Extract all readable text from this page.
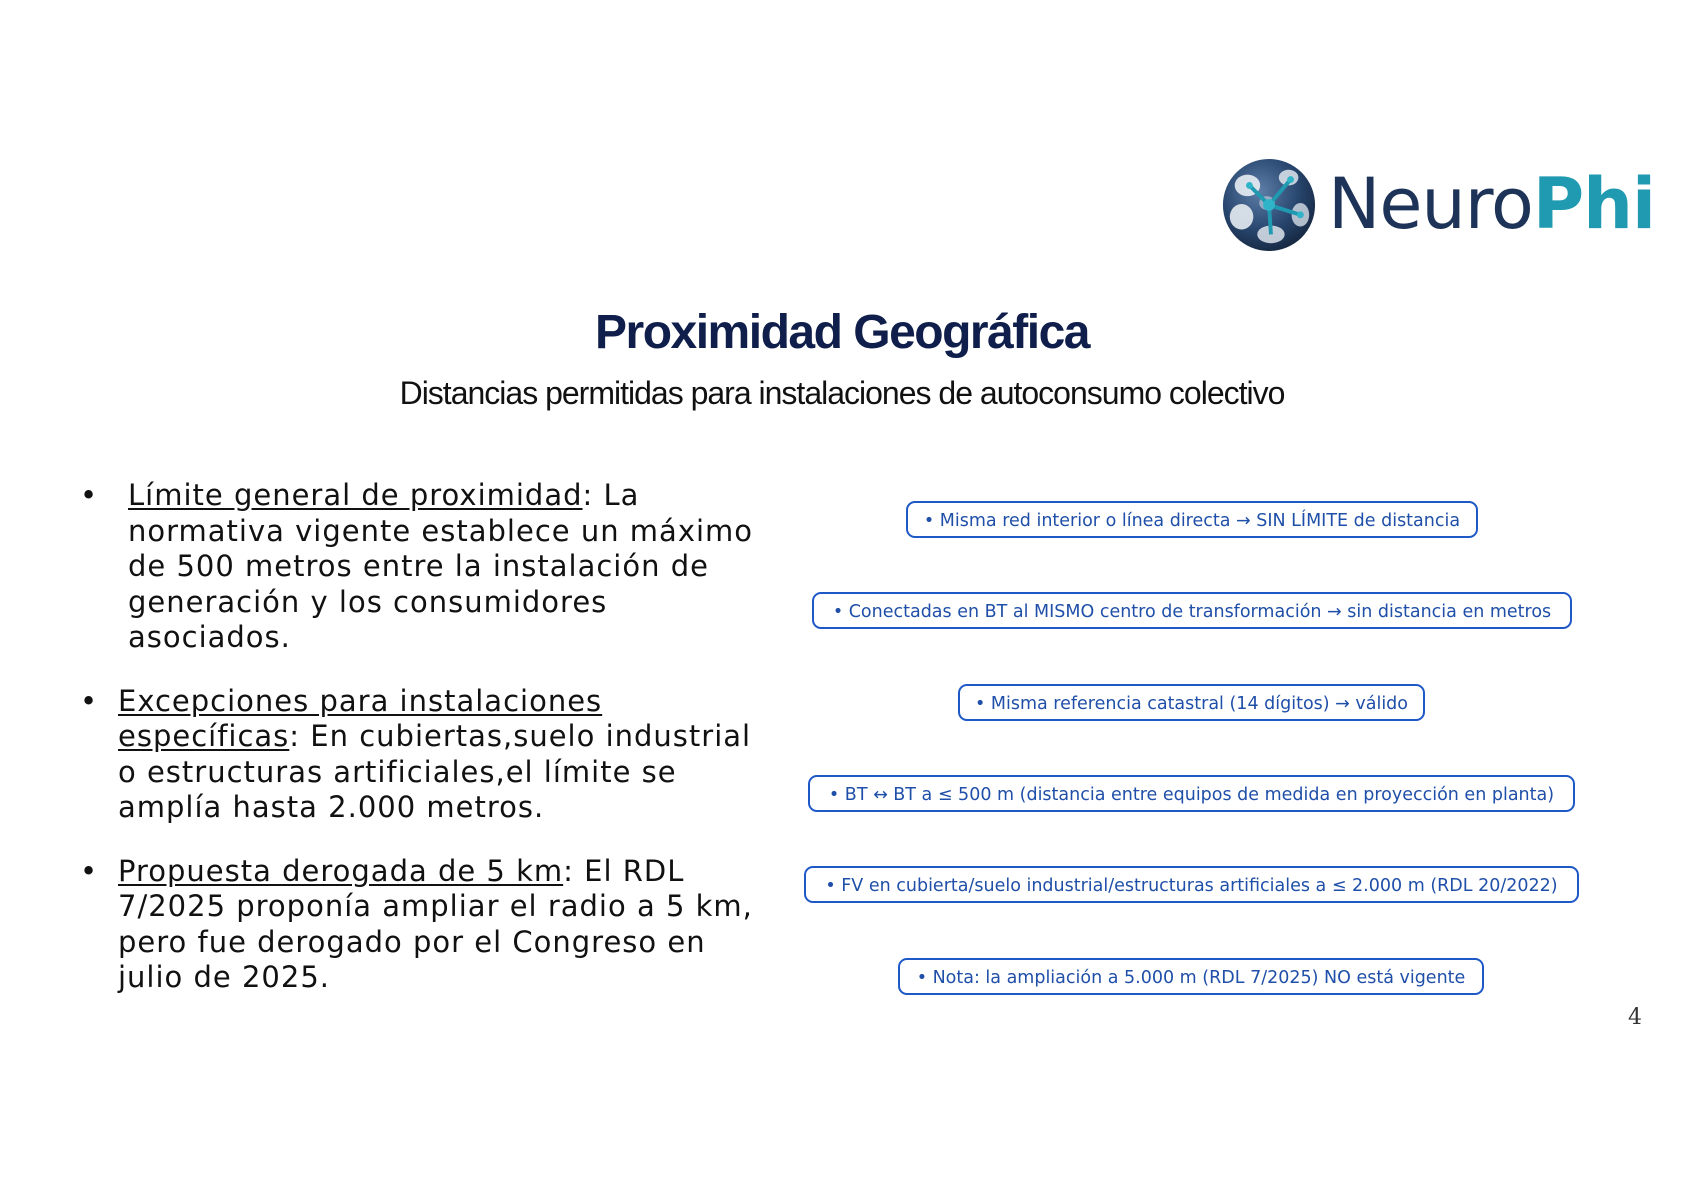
NeuroPhi
Proximidad Geográfica

Distancias permitidas para instalaciones de autoconsumo colectivo

• Límite general de proximidad: La normativa vigente establece un máximo de 500 metros entre la instalación de generación y los consumidores asociados.
• Excepciones para instalaciones específicas: En cubiertas,suelo industrial o estructuras artificiales,el límite se amplía hasta 2.000 metros.
• Propuesta derogada de 5 km: El RDL 7/2025 proponía ampliar el radio a 5 km, pero fue derogado por el Congreso en julio de 2025.
• Misma red interior o línea directa → SIN LÍMITE de distancia
• Conectadas en BT al MISMO centro de transformación → sin distancia en metros
• Misma referencia catastral (14 dígitos) → válido
• BT ↔ BT a ≤ 500 m (distancia entre equipos de medida en proyección en planta)
• FV en cubierta/suelo industrial/estructuras artificiales a ≤ 2.000 m (RDL 20/2022)
• Nota: la ampliación a 5.000 m (RDL 7/2025) NO está vigente
4
